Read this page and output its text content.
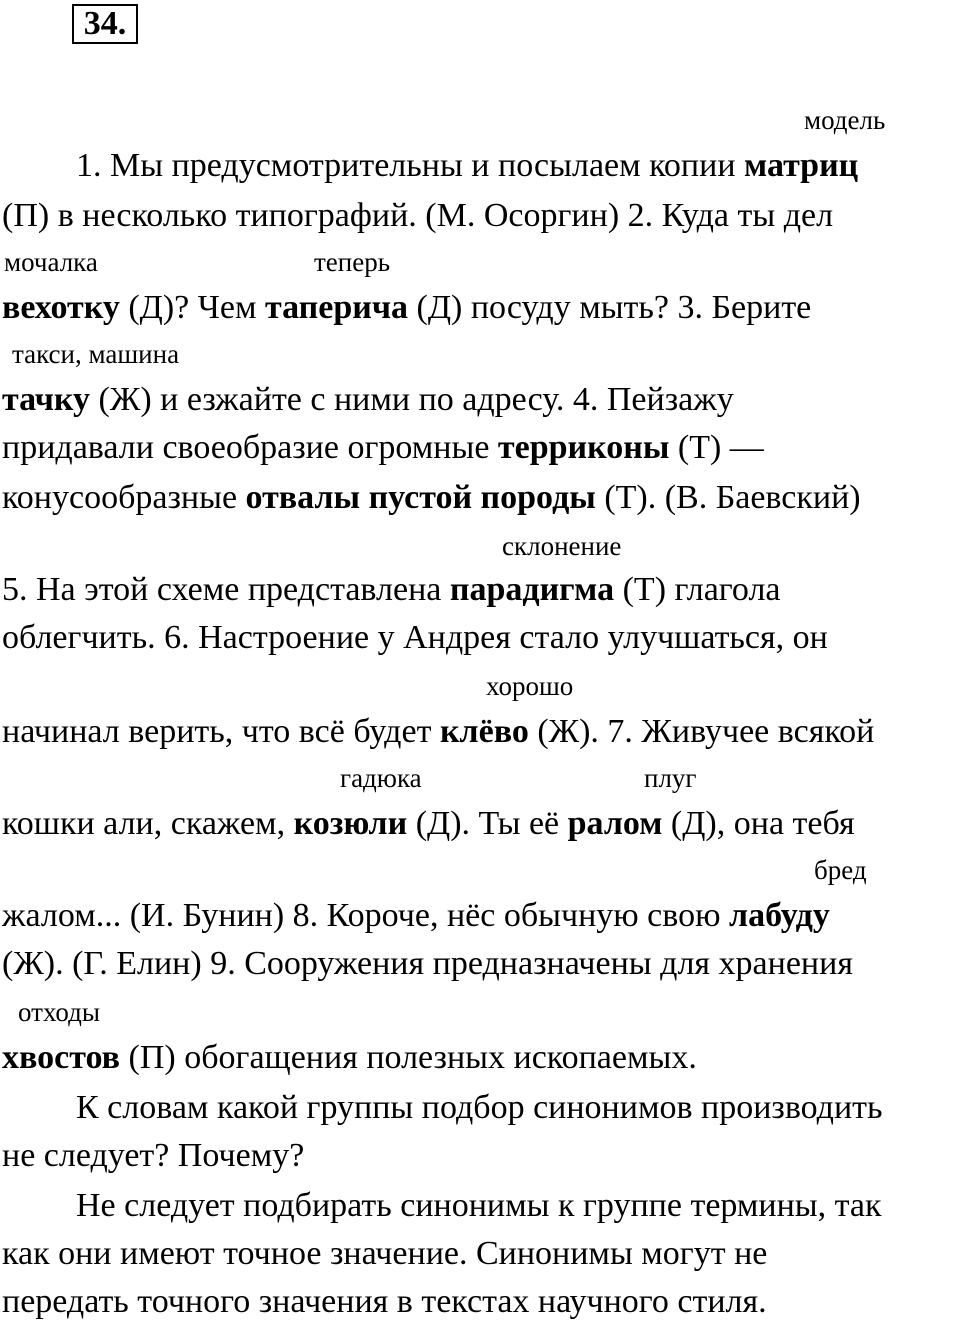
34.
модель
1. Мы предусмотрительны и посылаем копии матриц
(П) в несколько типографий. (М. Осоргин) 2. Куда ты дел
мочалка	теперь
вехотку (Д)? Чем таперича (Д) посуду мыть? 3. Берите
такси, машина
тачку (Ж) и езжайте с ними по адресу. 4. Пейзажу
придавали своеобразие огромные терриконы (Т) —
конусообразные отвалы пустой породы (Т). (В. Баевский)
склонение
5. На этой схеме представлена парадигма (Т) глагола
облегчить. 6. Настроение у Андрея стало улучшаться, он
хорошо
начинал верить, что всё будет клёво (Ж). 7. Живучее всякой
гадюка	плуг
кошки али, скажем, козюли (Д). Ты её ралом (Д), она тебя
бред
жалом... (И. Бунин) 8. Короче, нёс обычную свою лабуду
(Ж). (Г. Елин) 9. Сооружения предназначены для хранения
отходы
хвостов (П) обогащения полезных ископаемых.
К словам какой группы подбор синонимов производить
не следует? Почему?
Не следует подбирать синонимы к группе термины, так
как они имеют точное значение. Синонимы могут не
передать точного значения в текстах научного стиля.
